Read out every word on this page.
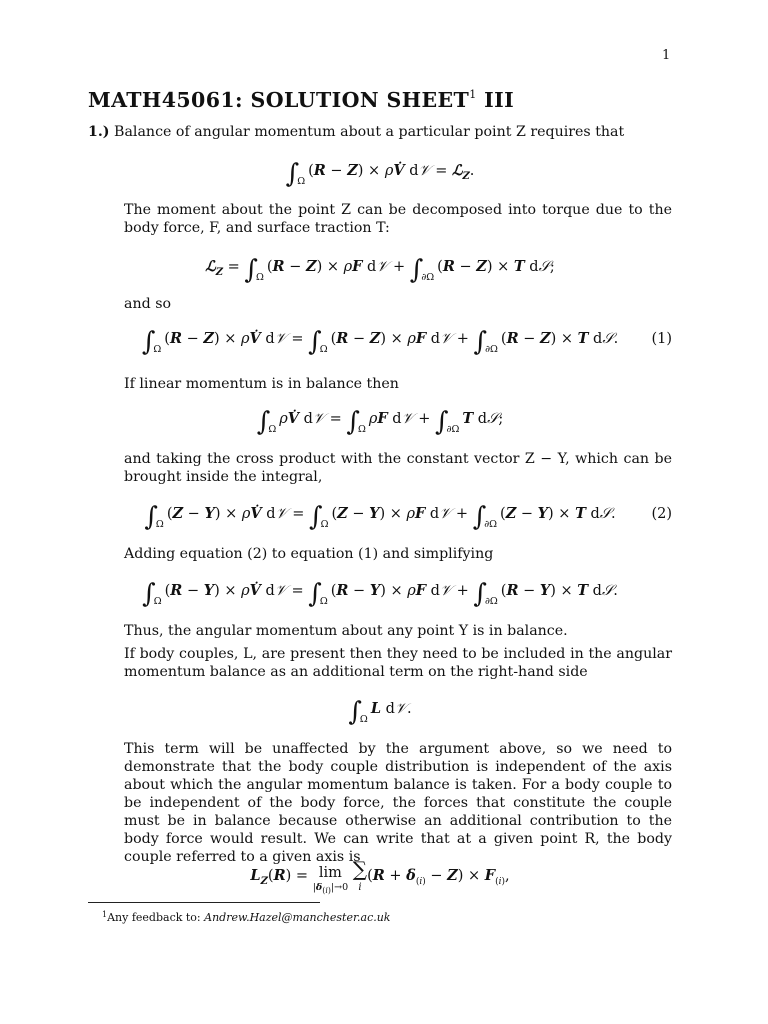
1
MATH45061: SOLUTION SHEET$^1$ III
1.) Balance of angular momentum about a particular point Z requires that
$\int_\Omega(R - Z)$ × ρV̇ d𝒱 = ℒ$_Z$.
The moment about the point Z can be decomposed into torque due to the body force, F, and surface traction T:
ℒ$_Z$ = $\int_\Omega(R - Z) \times \rho F$ d𝒱 + $\int_{\partial\Omega}(R - Z) \times T$ d𝒮;
and so
$\int_\Omega(R - Z)$ × ρV̇ d𝒱 = $\int_\Omega(R - Z) \times \rho F$ d𝒱 + $\int_{\partial\Omega}(R - Z) \times T$ d𝒮. (1)
If linear momentum is in balance then
$\int_\Omega\rho V̇$ d𝒱 = $\int_\Omega\rho F$ d𝒱 + $\int_{\partial\Omega}T$ d𝒮;
and taking the cross product with the constant vector Z − Y, which can be brought inside the integral,
$\int_\Omega(Z - Y)$ × ρV̇ d𝒱 = $\int_\Omega(Z - Y) \times \rho F$ d𝒱 + $\int_{\partial\Omega}(Z - Y) \times T$ d𝒮. (2)
Adding equation (2) to equation (1) and simplifying
$\int_\Omega(R - Y)$ × ρV̇ d𝒱 = $\int_\Omega(R - Y) \times \rho F$ d𝒱 + $\int_{\partial\Omega}(R - Y) \times T$ d𝒮.
Thus, the angular momentum about any point Y is in balance.
If body couples, L, are present then they need to be included in the angular momentum balance as an additional term on the right-hand side
$\int_\Omega L$ d𝒱.
This term will be unaffected by the argument above, so we need to demonstrate that the body couple distribution is independent of the axis about which the angular momentum balance is taken. For a body couple to be independent of the body force, the forces that constitute the couple must be in balance because otherwise an additional contribution to the body force would result. We can write that at a given point R, the body couple referred to a given axis is
$L_Z(R) = \lim$
$|\delta_{(i)}|\to 0$ ∑
$i(R + \delta_{(i)} - Z) \times F_{(i)}$,
$^1$Any feedback to: Andrew.Hazel@manchester.ac.uk
